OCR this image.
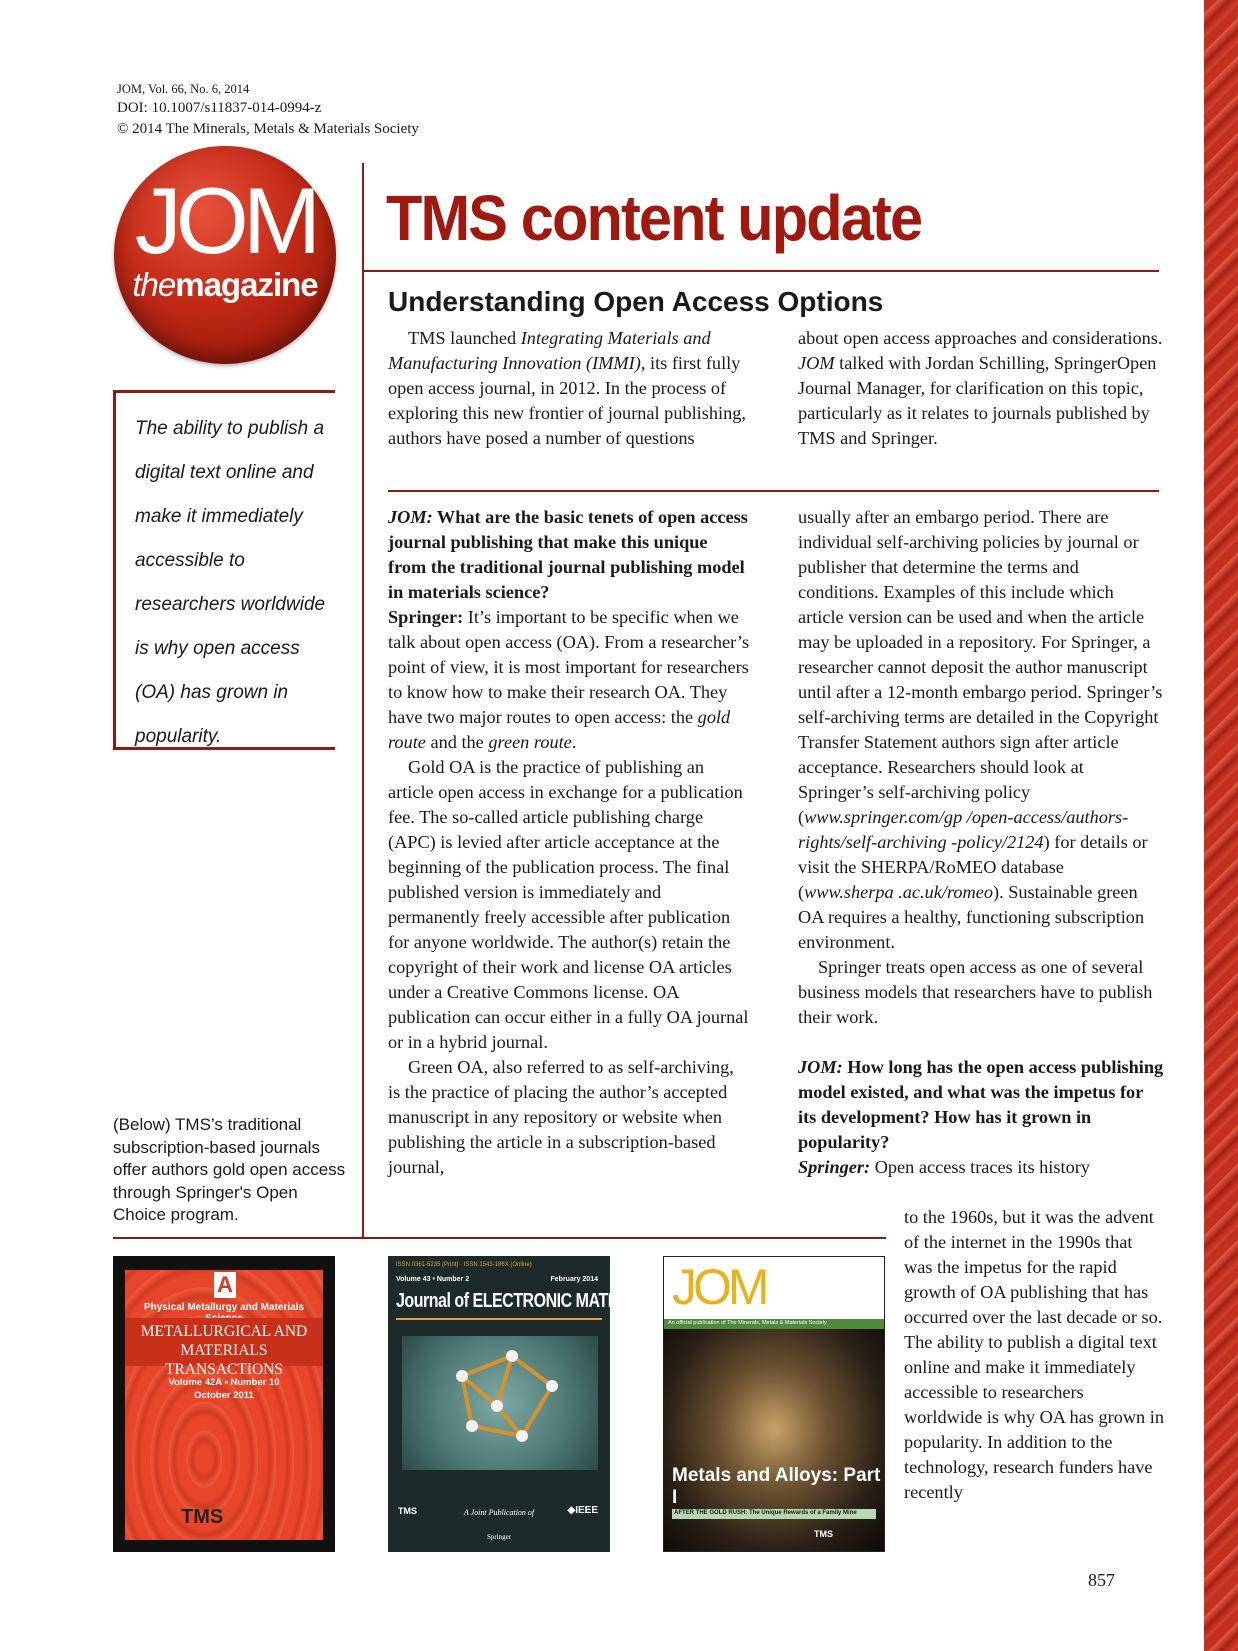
JOM, Vol. 66, No. 6, 2014
DOI: 10.1007/s11837-014-0994-z
© 2014 The Minerals, Metals & Materials Society
JOM
themagazine
TMS content update
Understanding Open Access Options

TMS launched Integrating Materials and Manufacturing Innovation (IMMI), its first fully open access journal, in 2012. In the process of exploring this new frontier of journal publishing, authors have posed a number of questions

about open access approaches and considerations. JOM talked with Jordan Schilling, SpringerOpen Journal Manager, for clarification on this topic, particularly as it relates to journals published by TMS and Springer.

The ability to publish a digital text online and make it immediately accessible to researchers worldwide is why open access (OA) has grown in popularity.
(Below) TMS’s traditional subscription-based journals offer authors gold open access through Springer's Open Choice program.

JOM: What are the basic tenets of open access journal publishing that make this unique from the traditional journal publishing model in materials science?

Springer: It’s important to be specific when we talk about open access (OA). From a researcher’s point of view, it is most important for researchers to know how to make their research OA. They have two major routes to open access: the gold route and the green route.

Gold OA is the practice of publishing an article open access in exchange for a publication fee. The so-called article publishing charge (APC) is levied after article acceptance at the beginning of the publication process. The final published version is immediately and permanently freely accessible after publication for anyone worldwide. The author(s) retain the copyright of their work and license OA articles under a Creative Commons license. OA publication can occur either in a fully OA journal or in a hybrid journal.

Green OA, also referred to as self-archiving, is the practice of placing the author’s accepted manuscript in any repository or website when publishing the article in a subscription-based journal,

usually after an embargo period. There are individual self-archiving policies by journal or publisher that determine the terms and conditions. Examples of this include which article version can be used and when the article may be uploaded in a repository. For Springer, a researcher cannot deposit the author manuscript until after a 12-month embargo period. Springer’s self-archiving terms are detailed in the Copyright Transfer Statement authors sign after article acceptance. Researchers should look at Springer’s self-archiving policy (www.springer.com/gp /open-access/authors-rights/self-archiving -policy/2124) for details or visit the SHERPA/RoMEO database (www.sherpa .ac.uk/romeo). Sustainable green OA requires a healthy, functioning subscription environment.

Springer treats open access as one of several business models that researchers have to publish their work.

JOM: How long has the open access publishing model existed, and what was the impetus for its development? How has it grown in popularity?

Springer: Open access traces its history

to the 1960s, but it was the advent of the internet in the 1990s that was the impetus for the rapid growth of OA publishing that has occurred over the last decade or so. The ability to publish a digital text online and make it immediately accessible to researchers worldwide is why OA has grown in popularity. In addition to the technology, research funders have recently

A
Physical Metallurgy and Materials
METALLURGICAL AND MATERIALS TRANSACTIONS
Volume 42A • Number 10
October 2011
TMS
ISSN 0361-5235 (Print) · ISSN 1543-186X (Online)
Volume 43 • Number 2	February 2014
Journal of ELECTRONIC MATERIALS
TMS	A Joint Publication of	◆IEEE
Springer
JOM
An official publication of The Minerals, Metals & Materials Society
Metals and Alloys: Part I
AFTER THE GOLD RUSH: The Unique Rewards of a Family Mine
TMS
857
